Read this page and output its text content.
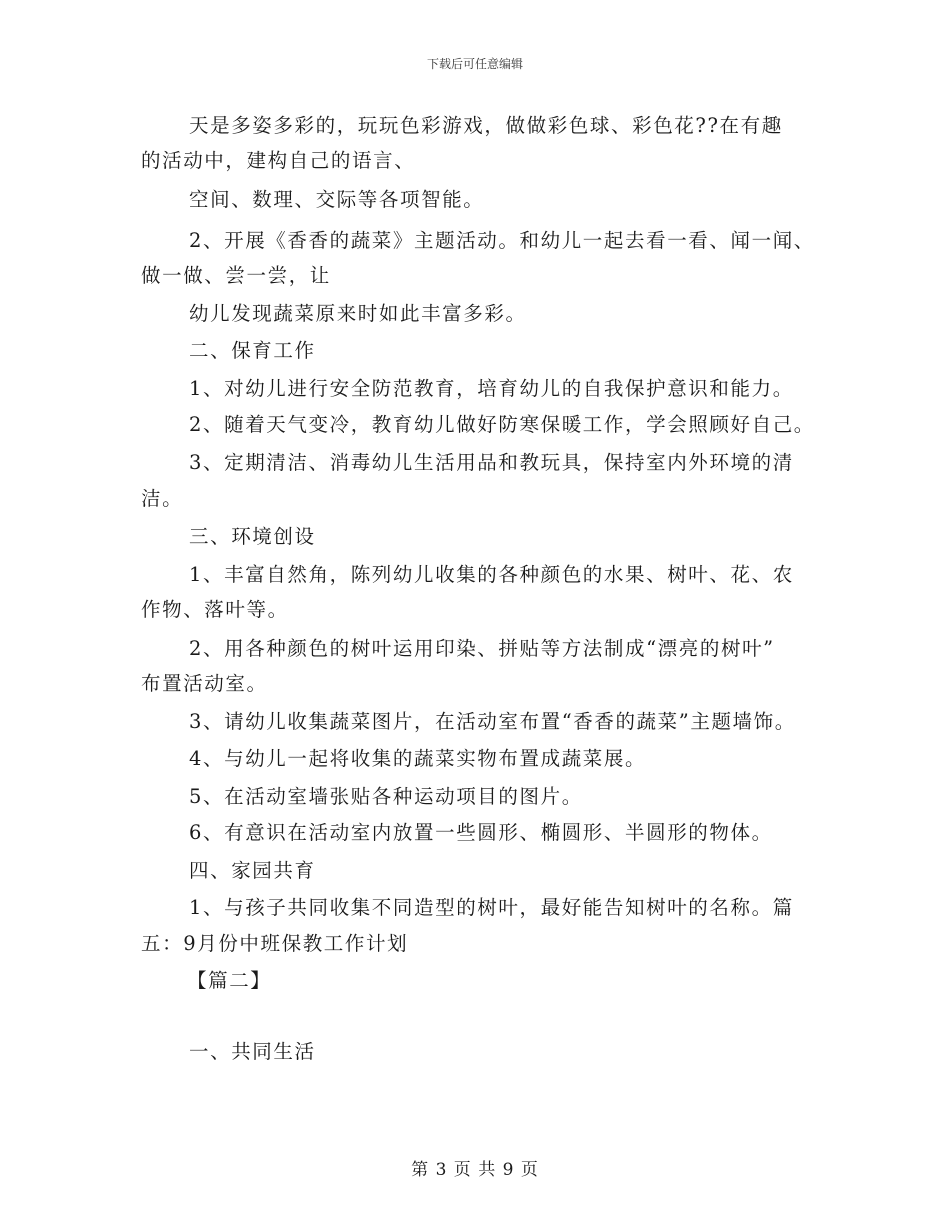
下载后可任意编辑
天是多姿多彩的，玩玩色彩游戏，做做彩色球、彩色花??在有趣
的活动中，建构自己的语言、
空间、数理、交际等各项智能。
2、开展《香香的蔬菜》主题活动。和幼儿一起去看一看、闻一闻、
做一做、尝一尝，让
幼儿发现蔬菜原来时如此丰富多彩。
二、保育工作
1、对幼儿进行安全防范教育，培育幼儿的自我保护意识和能力。
2、随着天气变冷，教育幼儿做好防寒保暖工作，学会照顾好自己。
3、定期清洁、消毒幼儿生活用品和教玩具，保持室内外环境的清
洁。
三、环境创设
1、丰富自然角，陈列幼儿收集的各种颜色的水果、树叶、花、农
作物、落叶等。
2、用各种颜色的树叶运用印染、拼贴等方法制成“漂亮的树叶”
布置活动室。
3、请幼儿收集蔬菜图片，在活动室布置“香香的蔬菜”主题墙饰。
4、与幼儿一起将收集的蔬菜实物布置成蔬菜展。
5、在活动室墙张贴各种运动项目的图片。
6、有意识在活动室内放置一些圆形、椭圆形、半圆形的物体。
四、家园共育
1、与孩子共同收集不同造型的树叶，最好能告知树叶的名称。篇
五：9月份中班保教工作计划
【篇二】
一、共同生活
第 3 页 共 9 页
